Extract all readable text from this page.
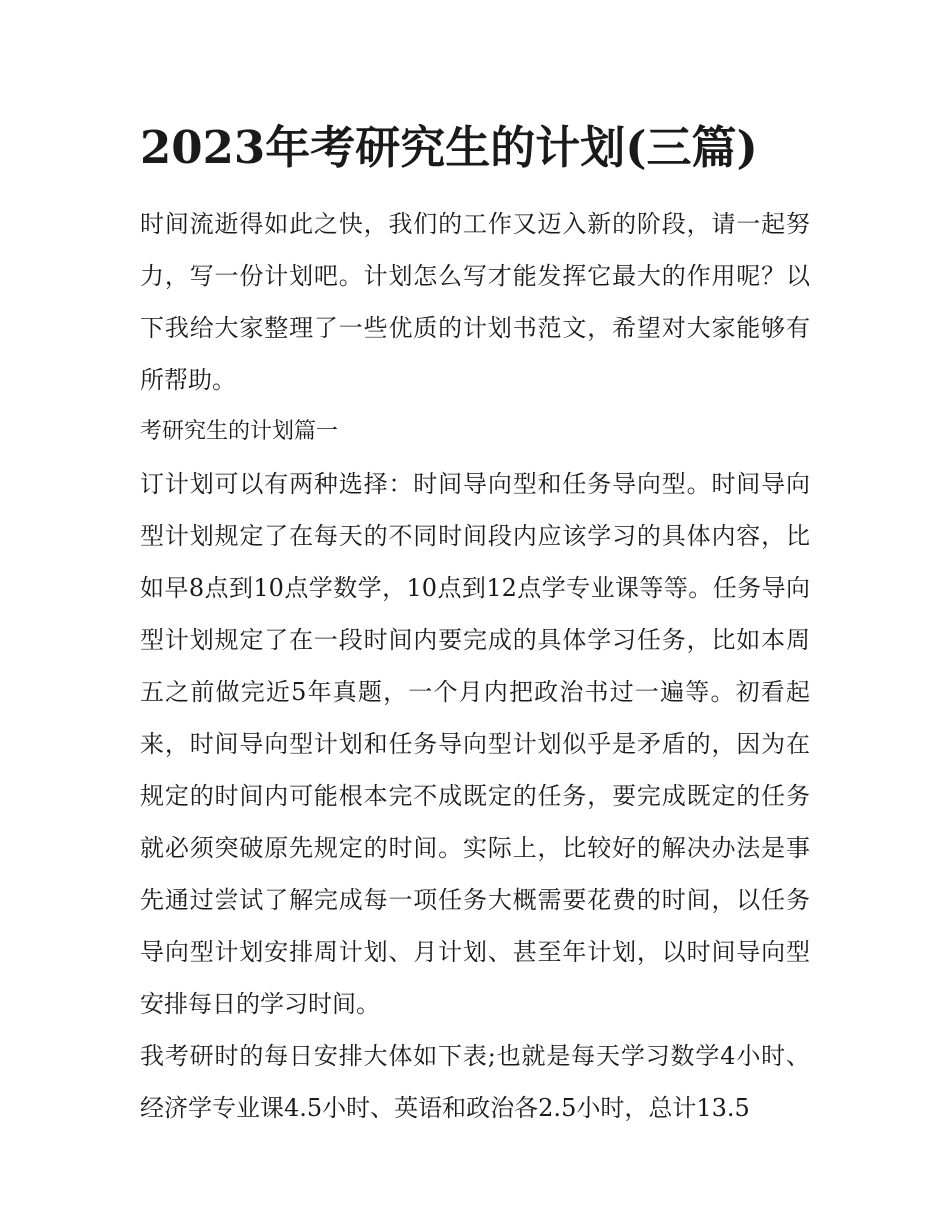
2023年考研究生的计划(三篇)

时间流逝得如此之快，我们的工作又迈入新的阶段，请一起努力，写一份计划吧。计划怎么写才能发挥它最大的作用呢？以下我给大家整理了一些优质的计划书范文，希望对大家能够有所帮助。

考研究生的计划篇一

订计划可以有两种选择：时间导向型和任务导向型。时间导向型计划规定了在每天的不同时间段内应该学习的具体内容，比如早8点到10点学数学，10点到12点学专业课等等。任务导向型计划规定了在一段时间内要完成的具体学习任务，比如本周五之前做完近5年真题，一个月内把政治书过一遍等。初看起来，时间导向型计划和任务导向型计划似乎是矛盾的，因为在规定的时间内可能根本完不成既定的任务，要完成既定的任务就必须突破原先规定的时间。实际上，比较好的解决办法是事先通过尝试了解完成每一项任务大概需要花费的时间，以任务导向型计划安排周计划、月计划、甚至年计划，以时间导向型安排每日的学习时间。

我考研时的每日安排大体如下表;也就是每天学习数学4小时、经济学专业课4.5小时、英语和政治各2.5小时，总计13.5
